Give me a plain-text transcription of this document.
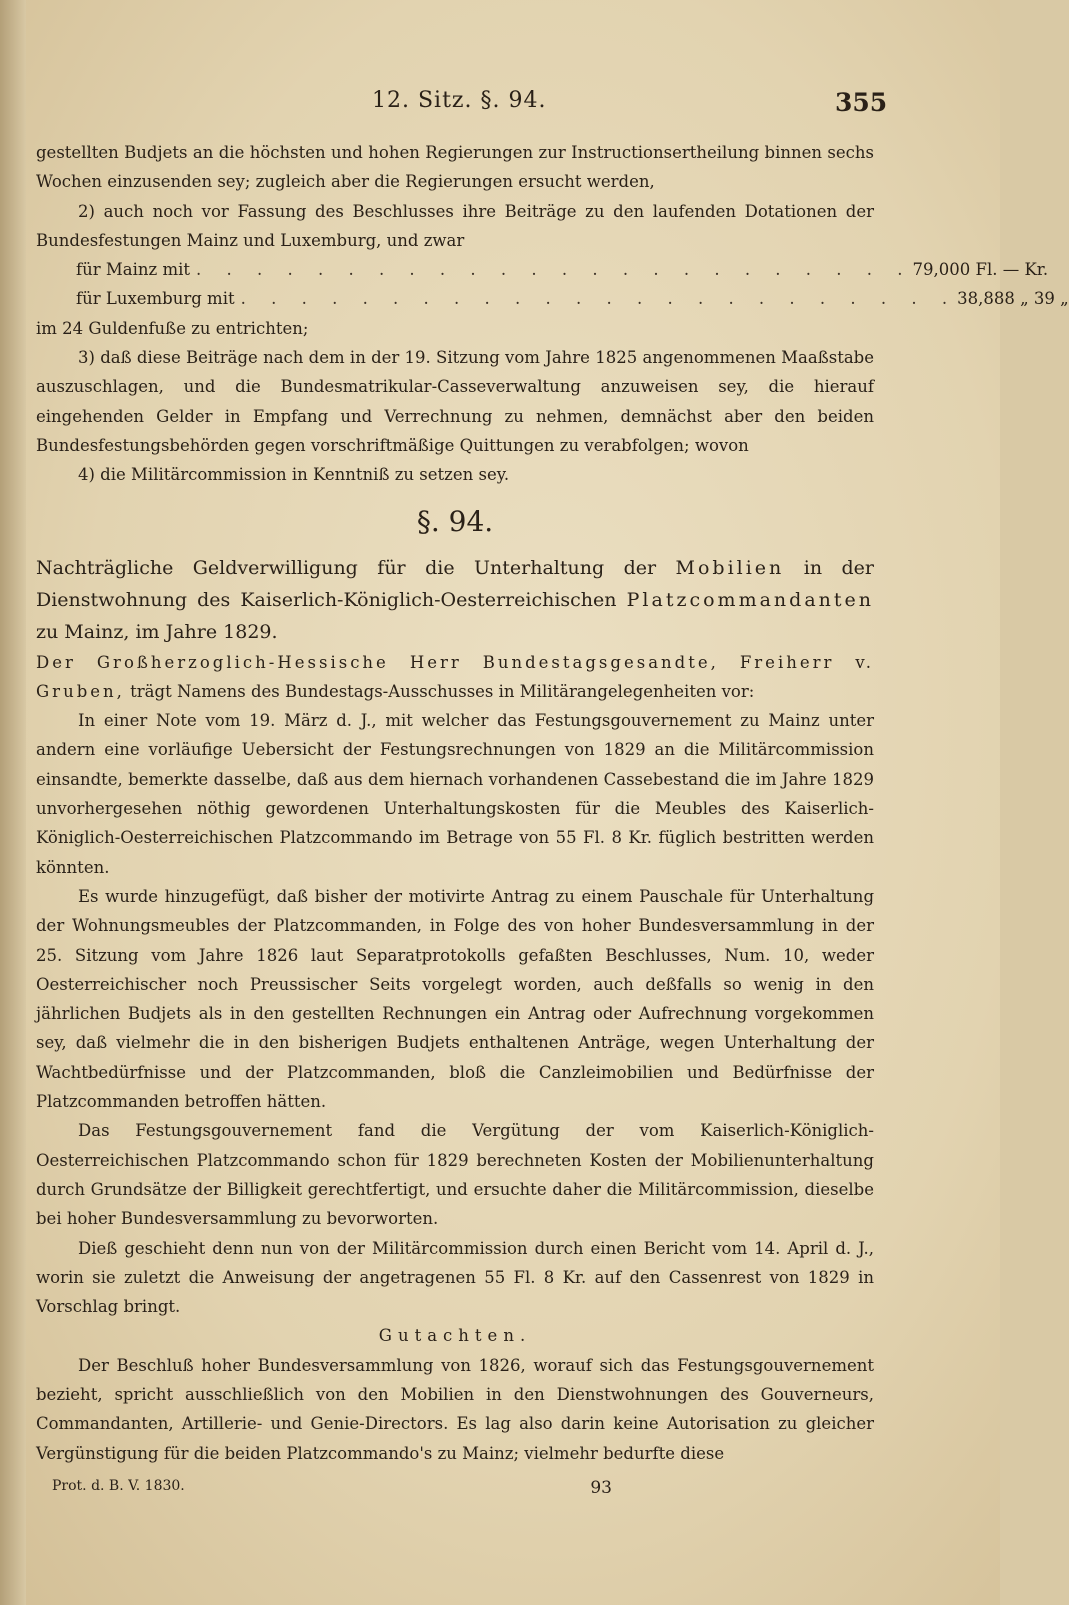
12. Sitz. §. 94.	355

gestellten Budjets an die höchsten und hohen Regierungen zur Instructionsertheilung binnen sechs Wochen einzusenden sey; zugleich aber die Regierungen ersucht werden,

2) auch noch vor Fassung des Beschlusses ihre Beiträge zu den laufenden Dotationen der Bundesfestungen Mainz und Luxemburg, und zwar

für Mainz mit . . . . . . . . . . . . . . . . . . . . . . . . 79,000 Fl. — Kr.
für Luxemburg mit . . . . . . . . . . . . . . . . . . . . . . . . 38,888 „ 39 „

im 24 Guldenfuße zu entrichten;

3) daß diese Beiträge nach dem in der 19. Sitzung vom Jahre 1825 angenommenen Maaßstabe auszuschlagen, und die Bundesmatrikular-Casseverwaltung anzuweisen sey, die hierauf eingehenden Gelder in Empfang und Verrechnung zu nehmen, demnächst aber den beiden Bundesfestungsbehörden gegen vorschriftmäßige Quittungen zu verabfolgen; wovon

4) die Militärcommission in Kenntniß zu setzen sey.

§. 94.

Nachträgliche Geldverwilligung für die Unterhaltung der Mobilien in der Dienstwohnung des Kaiserlich-Königlich-Oesterreichischen Platzcommandanten zu Mainz, im Jahre 1829.

Der Großherzoglich-Hessische Herr Bundestagsgesandte, Freiherr v. Gruben, trägt Namens des Bundestags-Ausschusses in Militärangelegenheiten vor:

In einer Note vom 19. März d. J., mit welcher das Festungsgouvernement zu Mainz unter andern eine vorläufige Uebersicht der Festungsrechnungen von 1829 an die Militärcommission einsandte, bemerkte dasselbe, daß aus dem hiernach vorhandenen Cassebestand die im Jahre 1829 unvorhergesehen nöthig gewordenen Unterhaltungskosten für die Meubles des Kaiserlich-Königlich-Oesterreichischen Platzcommando im Betrage von 55 Fl. 8 Kr. füglich bestritten werden könnten.

Es wurde hinzugefügt, daß bisher der motivirte Antrag zu einem Pauschale für Unterhaltung der Wohnungsmeubles der Platzcommanden, in Folge des von hoher Bundesversammlung in der 25. Sitzung vom Jahre 1826 laut Separatprotokolls gefaßten Beschlusses, Num. 10, weder Oesterreichischer noch Preussischer Seits vorgelegt worden, auch deßfalls so wenig in den jährlichen Budjets als in den gestellten Rechnungen ein Antrag oder Aufrechnung vorgekommen sey, daß vielmehr die in den bisherigen Budjets enthaltenen Anträge, wegen Unterhaltung der Wachtbedürfnisse und der Platzcommanden, bloß die Canzleimobilien und Bedürfnisse der Platzcommanden betroffen hätten.

Das Festungsgouvernement fand die Vergütung der vom Kaiserlich-Königlich-Oesterreichischen Platzcommando schon für 1829 berechneten Kosten der Mobilienunterhaltung durch Grundsätze der Billigkeit gerechtfertigt, und ersuchte daher die Militärcommission, dieselbe bei hoher Bundesversammlung zu bevorworten.

Dieß geschieht denn nun von der Militärcommission durch einen Bericht vom 14. April d. J., worin sie zuletzt die Anweisung der angetragenen 55 Fl. 8 Kr. auf den Cassenrest von 1829 in Vorschlag bringt.

Gutachten.

Der Beschluß hoher Bundesversammlung von 1826, worauf sich das Festungsgouvernement bezieht, spricht ausschließlich von den Mobilien in den Dienstwohnungen des Gouverneurs, Commandanten, Artillerie- und Genie-Directors. Es lag also darin keine Autorisation zu gleicher Vergünstigung für die beiden Platzcommando's zu Mainz; vielmehr bedurfte diese

Prot. d. B. V. 1830.	93
